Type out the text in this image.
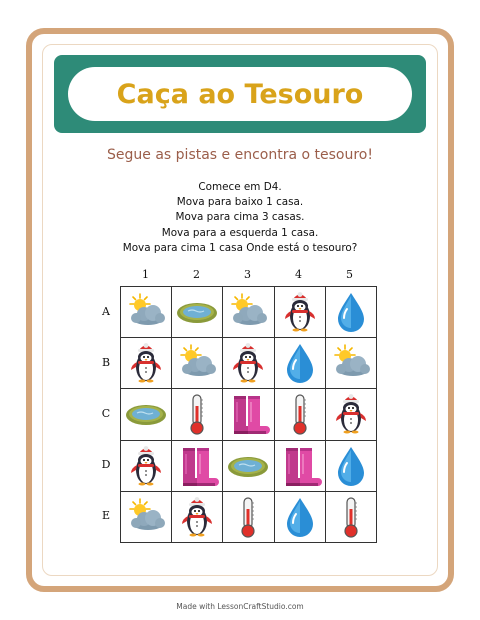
Caça ao Tesouro
Segue as pistas e encontra o tesouro!
Comece em D4.
Mova para baixo 1 casa.
Mova para cima 3 casas.
Mova para a esquerda 1 casa.
Mova para cima 1 casa Onde está o tesouro?
1	2	3	4	5
A
B
C
D
E
Made with LessonCraftStudio.com
